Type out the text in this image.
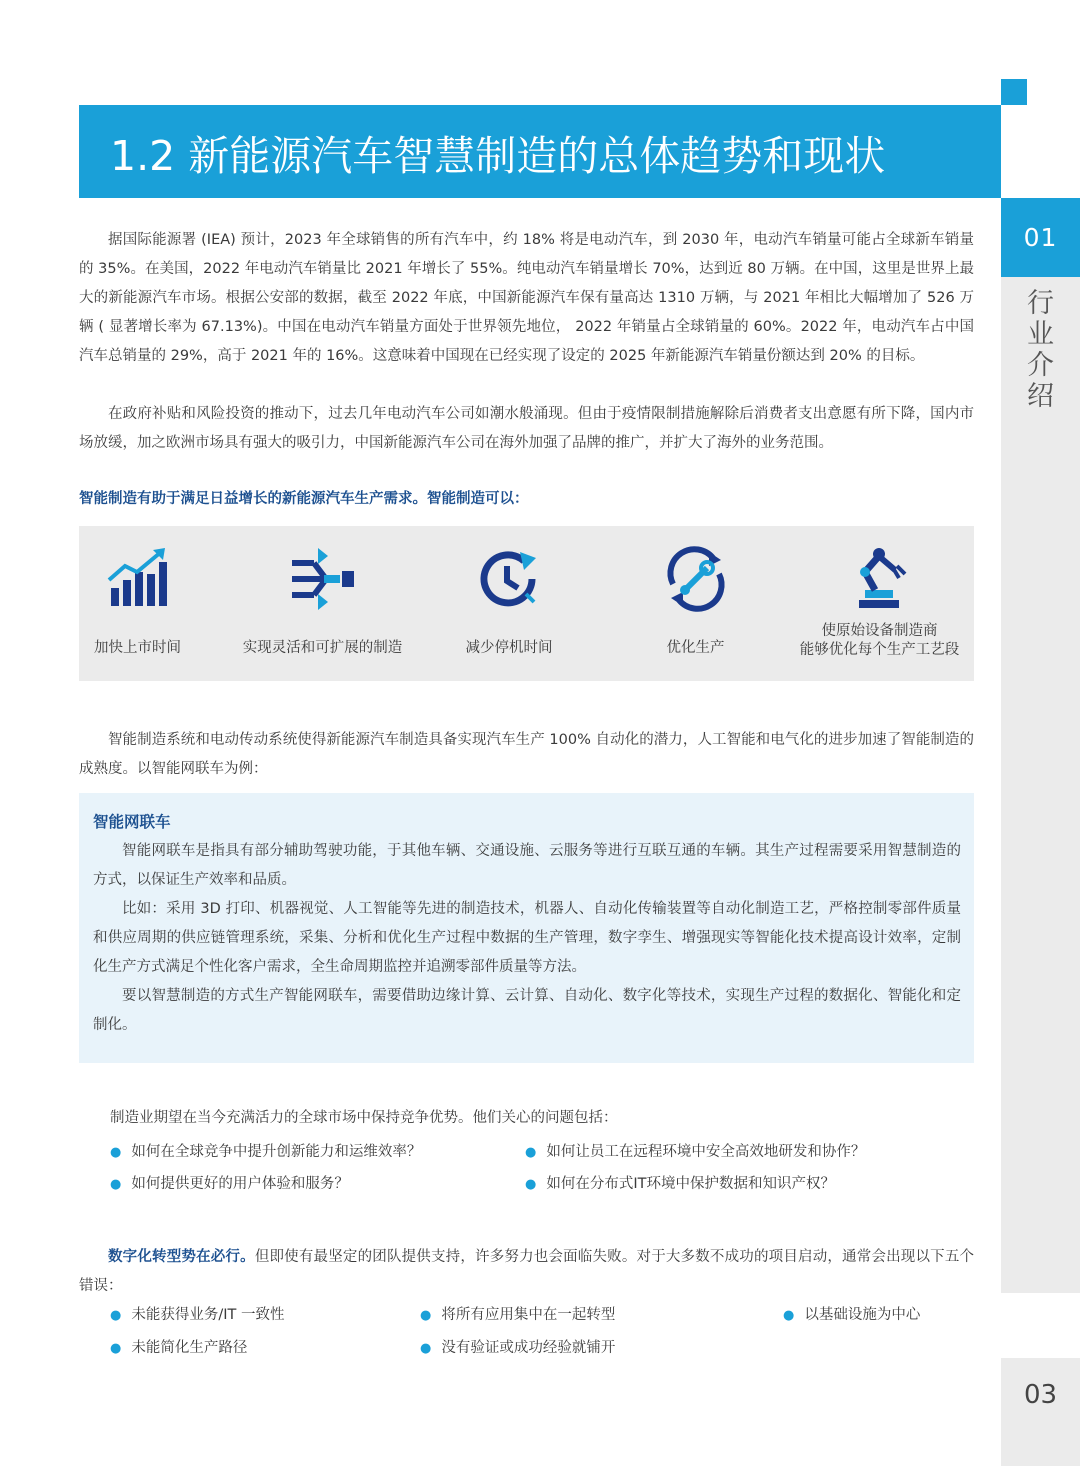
01
行
业
介
绍
03
1.2 新能源汽车智慧制造的总体趋势和现状
据国际能源署 (IEA) 预计，2023 年全球销售的所有汽车中，约 18% 将是电动汽车，到 2030 年，电动汽车销量可能占全球新车销量的 35%。在美国，2022 年电动汽车销量比 2021 年增长了 55%。纯电动汽车销量增长 70%，达到近 80 万辆。在中国，这里是世界上最大的新能源汽车市场。根据公安部的数据，截至 2022 年底，中国新能源汽车保有量高达 1310 万辆，与 2021 年相比大幅增加了 526 万辆 ( 显著增长率为 67.13%)。中国在电动汽车销量方面处于世界领先地位， 2022 年销量占全球销量的 60%。2022 年，电动汽车占中国汽车总销量的 29%，高于 2021 年的 16%。这意味着中国现在已经实现了设定的 2025 年新能源汽车销量份额达到 20% 的目标。
在政府补贴和风险投资的推动下，过去几年电动汽车公司如潮水般涌现。但由于疫情限制措施解除后消费者支出意愿有所下降，国内市场放缓，加之欧洲市场具有强大的吸引力，中国新能源汽车公司在海外加强了品牌的推广，并扩大了海外的业务范围。
智能制造有助于满足日益增长的新能源汽车生产需求。智能制造可以：
加快上市时间	实现灵活和可扩展的制造	减少停机时间	优化生产
使原始设备制造商
能够优化每个生产工艺段
智能制造系统和电动传动系统使得新能源汽车制造具备实现汽车生产 100% 自动化的潜力，人工智能和电气化的进步加速了智能制造的成熟度。以智能网联车为例：
智能网联车
智能网联车是指具有部分辅助驾驶功能，于其他车辆、交通设施、云服务等进行互联互通的车辆。其生产过程需要采用智慧制造的方式，以保证生产效率和品质。
比如：采用 3D 打印、机器视觉、人工智能等先进的制造技术，机器人、自动化传输装置等自动化制造工艺，严格控制零部件质量和供应周期的供应链管理系统，采集、分析和优化生产过程中数据的生产管理，数字孪生、增强现实等智能化技术提高设计效率，定制化生产方式满足个性化客户需求，全生命周期监控并追溯零部件质量等方法。
要以智慧制造的方式生产智能网联车，需要借助边缘计算、云计算、自动化、数字化等技术，实现生产过程的数据化、智能化和定制化。
制造业期望在当今充满活力的全球市场中保持竞争优势。他们关心的问题包括：
● 如何在全球竞争中提升创新能力和运维效率？	● 如何让员工在远程环境中安全高效地研发和协作？
● 如何提供更好的用户体验和服务？	● 如何在分布式IT环境中保护数据和知识产权？
数字化转型势在必行。但即使有最坚定的团队提供支持，许多努力也会面临失败。对于大多数不成功的项目启动，通常会出现以下五个错误：
● 未能获得业务/IT 一致性	● 将所有应用集中在一起转型	● 以基础设施为中心
● 未能简化生产路径	● 没有验证或成功经验就铺开
